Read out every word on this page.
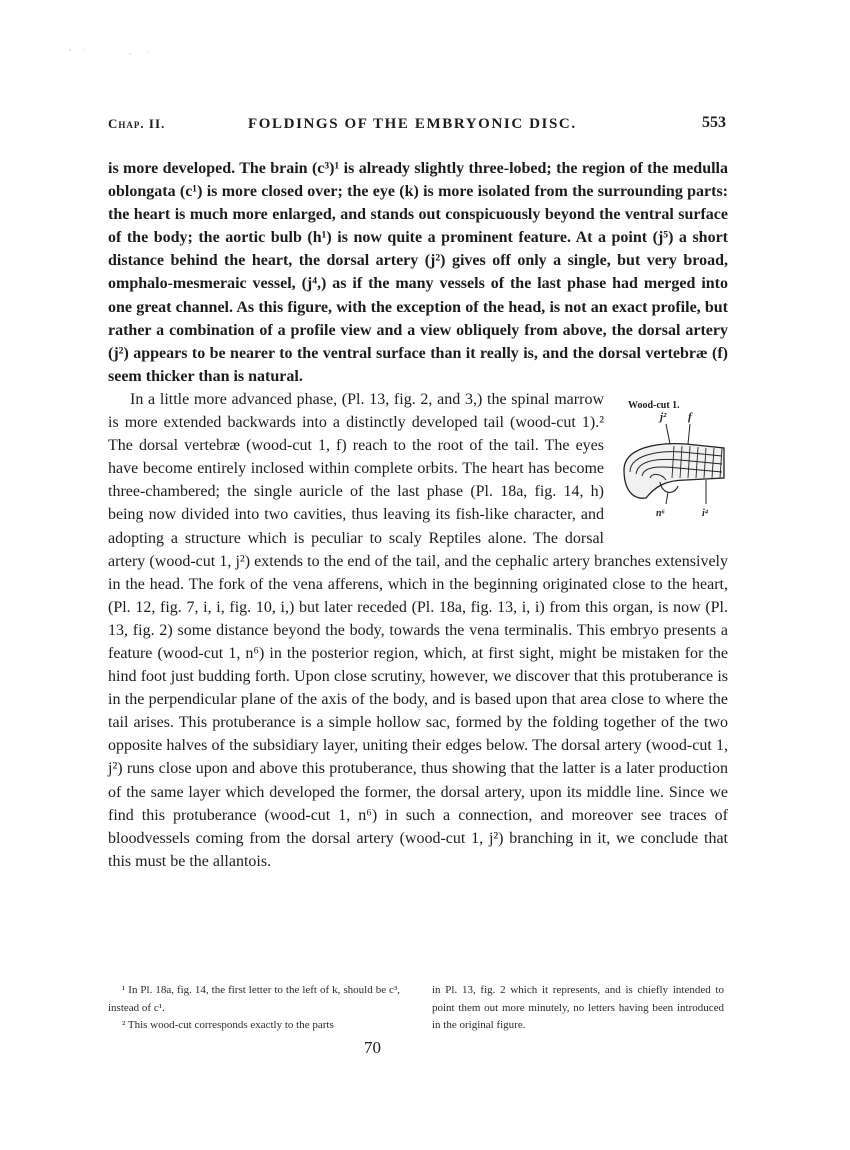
Chap. II.	FOLDINGS OF THE EMBRYONIC DISC.	553

is more developed. The brain (c³)¹ is already slightly three-lobed; the region of the medulla oblongata (c¹) is more closed over; the eye (k) is more isolated from the surrounding parts: the heart is much more enlarged, and stands out conspicuously beyond the ventral surface of the body; the aortic bulb (h¹) is now quite a prominent feature. At a point (j⁵) a short distance behind the heart, the dorsal artery (j²) gives off only a single, but very broad, omphalo-mesmeraic vessel, (j⁴,) as if the many vessels of the last phase had merged into one great channel. As this figure, with the exception of the head, is not an exact profile, but rather a combination of a profile view and a view obliquely from above, the dorsal artery (j²) appears to be nearer to the ventral surface than it really is, and the dorsal vertebræ (f) seem thicker than is natural.

Wood-cut 1.
j² f
n⁶	i⁴

In a little more advanced phase, (Pl. 13, fig. 2, and 3,) the spinal marrow is more extended backwards into a distinctly developed tail (wood-cut 1).² The dorsal vertebræ (wood-cut 1, f) reach to the root of the tail. The eyes have become entirely inclosed within complete orbits. The heart has become three-chambered; the single auricle of the last phase (Pl. 18a, fig. 14, h) being now divided into two cavities, thus leaving its fish-like character, and adopting a structure which is peculiar to scaly Reptiles alone. The dorsal artery (wood-cut 1, j²) extends to the end of the tail, and the cephalic artery branches extensively in the head. The fork of the vena afferens, which in the beginning originated close to the heart, (Pl. 12, fig. 7, i, i, fig. 10, i,) but later receded (Pl. 18a, fig. 13, i, i) from this organ, is now (Pl. 13, fig. 2) some distance beyond the body, towards the vena terminalis. This embryo presents a feature (wood-cut 1, n⁶) in the posterior region, which, at first sight, might be mistaken for the hind foot just budding forth. Upon close scrutiny, however, we discover that this protuberance is in the perpendicular plane of the axis of the body, and is based upon that area close to where the tail arises. This protuberance is a simple hollow sac, formed by the folding together of the two opposite halves of the subsidiary layer, uniting their edges below. The dorsal artery (wood-cut 1, j²) runs close upon and above this protuberance, thus showing that the latter is a later production of the same layer which developed the former, the dorsal artery, upon its middle line. Since we find this protuberance (wood-cut 1, n⁶) in such a connection, and moreover see traces of bloodvessels coming from the dorsal artery (wood-cut 1, j²) branching in it, we conclude that this must be the allantois.

¹ In Pl. 18a, fig. 14, the first letter to the left of k, should be c³, instead of c¹.

² This wood-cut corresponds exactly to the parts

in Pl. 13, fig. 2 which it represents, and is chiefly intended to point them out more minutely, no letters having been introduced in the original figure.

70
